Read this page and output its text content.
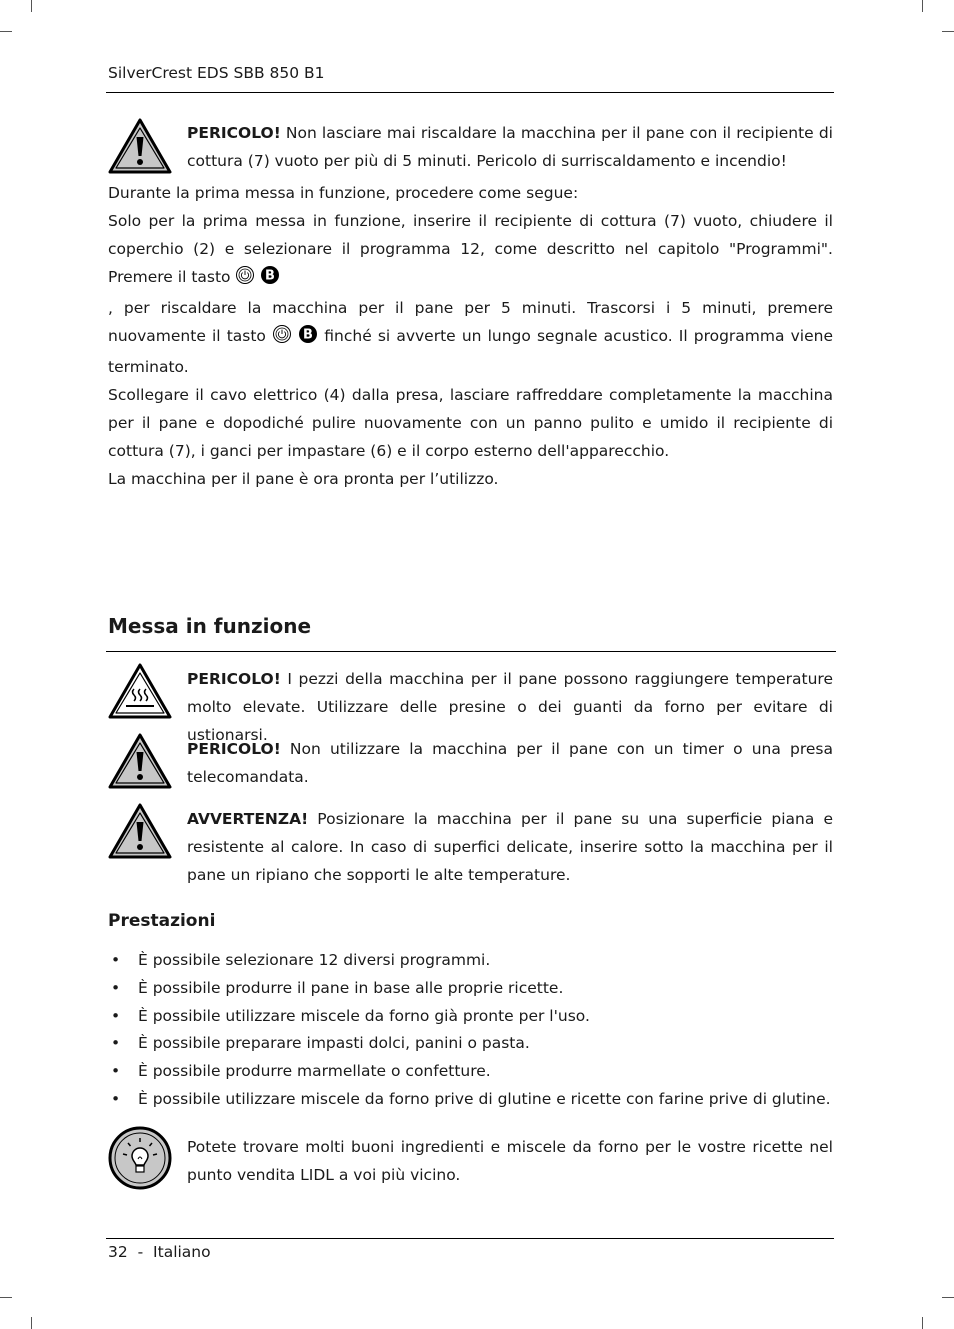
SilverCrest EDS SBB 850 B1

PERICOLO! Non lasciare mai riscaldare la macchina per il pane con il recipiente di cottura (7) vuoto per più di 5 minuti. Pericolo di surriscaldamento e incendio!

Durante la prima messa in funzione, procedere come segue:

Solo per la prima messa in funzione, inserire il recipiente di cottura (7) vuoto, chiudere il coperchio (2) e selezionare il programma 12, come descritto nel capitolo "Programmi". Premere il tasto B

, per riscaldare la macchina per il pane per 5 minuti. Trascorsi i 5 minuti, premere nuovamente il tasto B finché si avverte un lungo segnale acustico. Il programma viene terminato.

Scollegare il cavo elettrico (4) dalla presa, lasciare raffreddare completamente la macchina per il pane e dopodiché pulire nuovamente con un panno pulito e umido il recipiente di cottura (7), i ganci per impastare (6) e il corpo esterno dell'apparecchio.

La macchina per il pane è ora pronta per l’utilizzo.

Messa in funzione

PERICOLO! I pezzi della macchina per il pane possono raggiungere temperature molto elevate. Utilizzare delle presine o dei guanti da forno per evitare di ustionarsi.

PERICOLO! Non utilizzare la macchina per il pane con un timer o una presa telecomandata.

AVVERTENZA! Posizionare la macchina per il pane su una superficie piana e resistente al calore. In caso di superfici delicate, inserire sotto la macchina per il pane un ripiano che sopporti le alte temperature.

Prestazioni
• È possibile selezionare 12 diversi programmi.
• È possibile produrre il pane in base alle proprie ricette.
• È possibile utilizzare miscele da forno già pronte per l'uso.
• È possibile preparare impasti dolci, panini o pasta.
• È possibile produrre marmellate o confetture.
• È possibile utilizzare miscele da forno prive di glutine e ricette con farine prive di glutine.

Potete trovare molti buoni ingredienti e miscele da forno per le vostre ricette nel punto vendita LIDL a voi più vicino.

32 - Italiano
